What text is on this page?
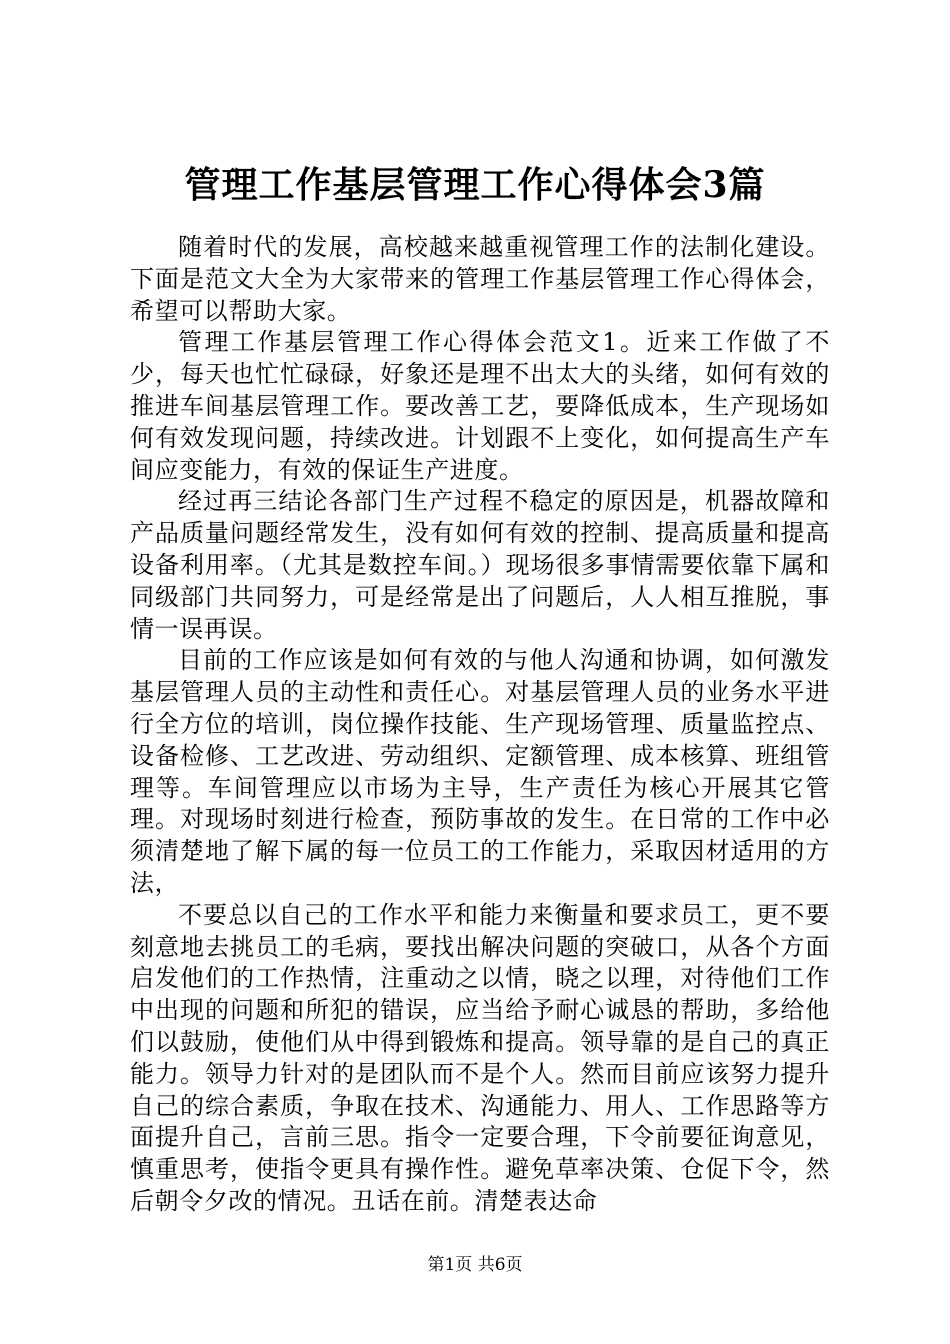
管理工作基层管理工作心得体会3篇

随着时代的发展，高校越来越重视管理工作的法制化建设。下面是范文大全为大家带来的管理工作基层管理工作心得体会，希望可以帮助大家。

管理工作基层管理工作心得体会范文1。近来工作做了不少，每天也忙忙碌碌，好象还是理不出太大的头绪，如何有效的推进车间基层管理工作。要改善工艺，要降低成本，生产现场如何有效发现问题，持续改进。计划跟不上变化，如何提高生产车间应变能力，有效的保证生产进度。

经过再三结论各部门生产过程不稳定的原因是，机器故障和产品质量问题经常发生，没有如何有效的控制、提高质量和提高设备利用率。（尤其是数控车间。）现场很多事情需要依靠下属和同级部门共同努力，可是经常是出了问题后，人人相互推脱，事情一误再误。

目前的工作应该是如何有效的与他人沟通和协调，如何激发基层管理人员的主动性和责任心。对基层管理人员的业务水平进行全方位的培训，岗位操作技能、生产现场管理、质量监控点、设备检修、工艺改进、劳动组织、定额管理、成本核算、班组管理等。车间管理应以市场为主导，生产责任为核心开展其它管理。对现场时刻进行检查，预防事故的发生。在日常的工作中必须清楚地了解下属的每一位员工的工作能力，采取因材适用的方法，

不要总以自己的工作水平和能力来衡量和要求员工，更不要刻意地去挑员工的毛病，要找出解决问题的突破口，从各个方面启发他们的工作热情，注重动之以情，晓之以理，对待他们工作中出现的问题和所犯的错误，应当给予耐心诚恳的帮助，多给他们以鼓励，使他们从中得到锻炼和提高。领导靠的是自己的真正能力。领导力针对的是团队而不是个人。然而目前应该努力提升自己的综合素质，争取在技术、沟通能力、用人、工作思路等方面提升自己，言前三思。指令一定要合理，下令前要征询意见，慎重思考，使指令更具有操作性。避免草率决策、仓促下令，然后朝令夕改的情况。丑话在前。清楚表达命

第1页 共6页
